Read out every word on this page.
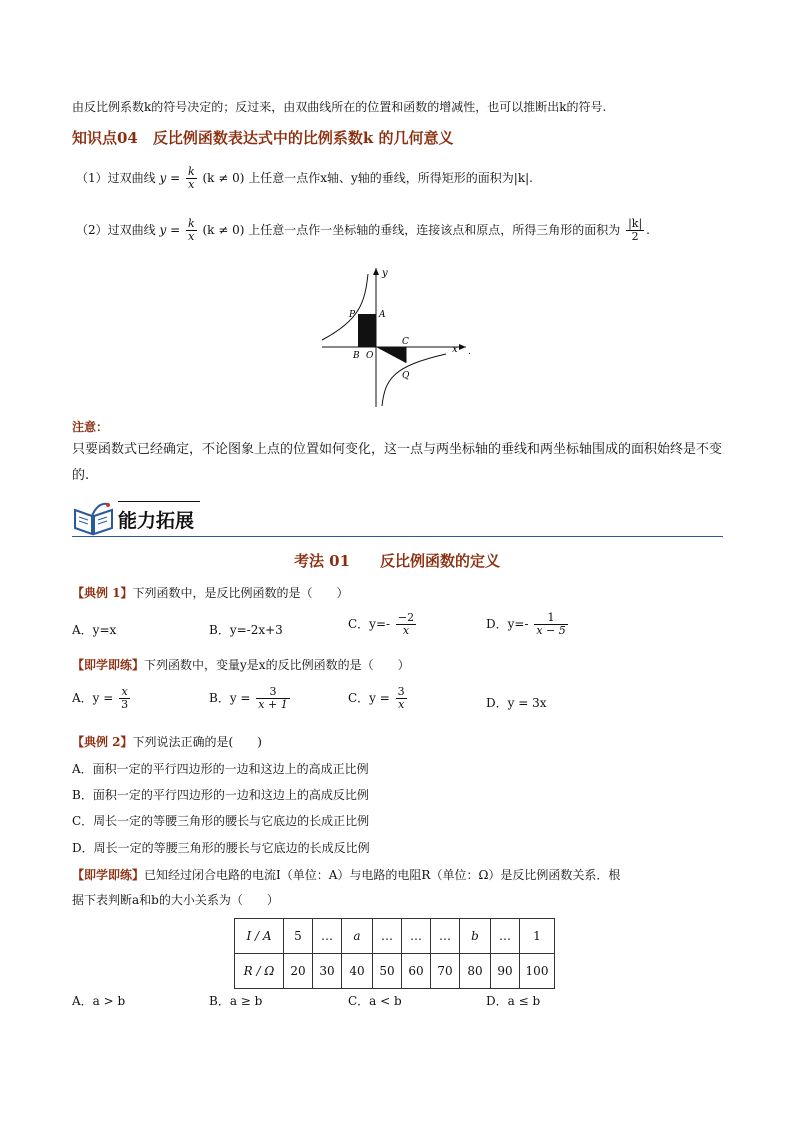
由反比例系数k的符号决定的；反过来，由双曲线所在的位置和函数的增减性，也可以推断出k的符号.
知识点04　反比例函数表达式中的比例系数k 的几何意义
（1）过双曲线 $y = \frac{k}{x} (k \ne 0)$ 上任意一点作x轴、y轴的垂线，所得矩形的面积为|k|.
（2）过双曲线 $y = \frac{k}{x} (k \ne 0)$ 上任意一点作一坐标轴的垂线，连接该点和原点，所得三角形的面积为 $\frac{|k|}{2}$ .
y
x
P	A
B O
C
Q
.
注意：
只要函数式已经确定，不论图象上点的位置如何变化，这一点与两坐标轴的垂线和两坐标轴围成的面积始终是不变的.
能力拓展
考法 01　　反比例函数的定义
【典例 1】下列函数中，是反比例函数的是（　　）
A．y=x	B．y=-2x+3	C．$y=- \frac{-2}{x}$	D．$y=- \frac{1}{x - 5}$
【即学即练】下列函数中，变量y是x的反比例函数的是（　　）
A．$y = \frac{x}{3}$	B．$y = \frac{3}{x + 1}$	C．$y = \frac{3}{x}$	D．y = 3x
【典例 2】下列说法正确的是(　　)
A．面积一定的平行四边形的一边和这边上的高成正比例
B．面积一定的平行四边形的一边和这边上的高成反比例
C．周长一定的等腰三角形的腰长与它底边的长成正比例
D．周长一定的等腰三角形的腰长与它底边的长成反比例
【即学即练】已知经过闭合电路的电流I（单位：A）与电路的电阻R（单位：Ω）是反比例函数关系．根
据下表判断a和b的大小关系为（　　）
I / A	5	…	a	…	…	…	b	…	1
R / Ω	20	30	40	50	60	70	80	90	100
A．a > b	B．a ≥ b	C．a < b	D．a ≤ b
